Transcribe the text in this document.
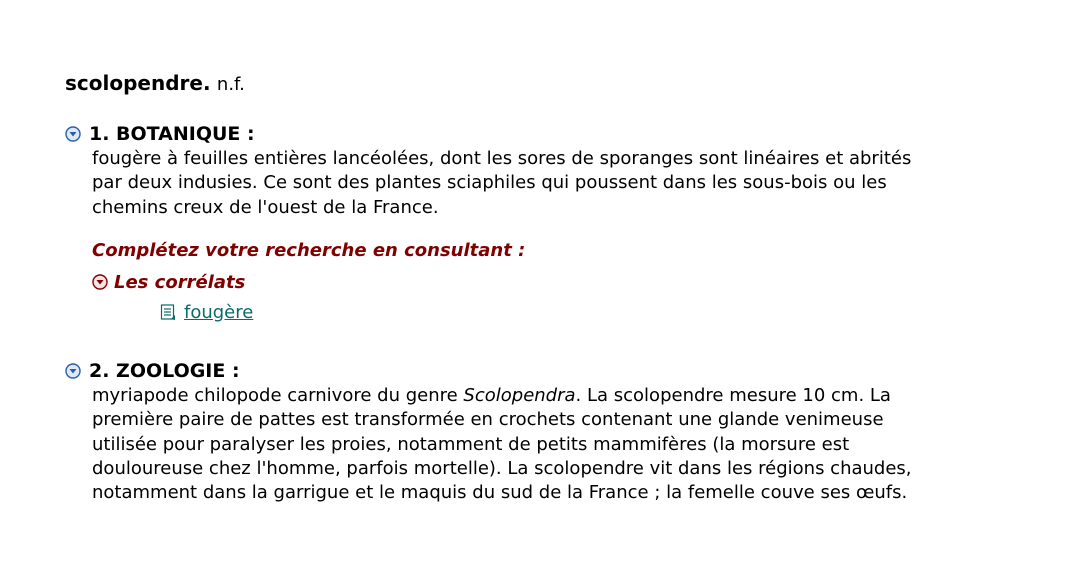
scolopendre. n.f.
1. BOTANIQUE :
fougère à feuilles entières lancéolées, dont les sores de sporanges sont linéaires et abrités
par deux indusies. Ce sont des plantes sciaphiles qui poussent dans les sous-bois ou les
chemins creux de l'ouest de la France.
Complétez votre recherche en consultant :
Les corrélats
fougère
2. ZOOLOGIE :
myriapode chilopode carnivore du genre Scolopendra. La scolopendre mesure 10 cm. La
première paire de pattes est transformée en crochets contenant une glande venimeuse
utilisée pour paralyser les proies, notamment de petits mammifères (la morsure est
douloureuse chez l'homme, parfois mortelle). La scolopendre vit dans les régions chaudes,
notamment dans la garrigue et le maquis du sud de la France ; la femelle couve ses œufs.
